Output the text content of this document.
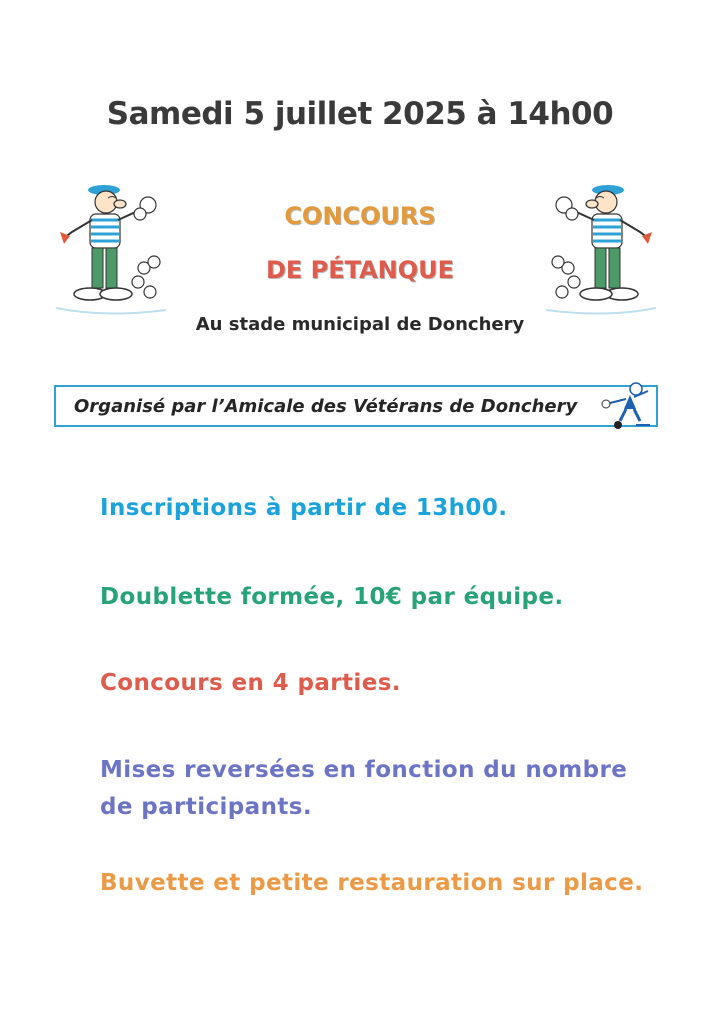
Samedi 5 juillet 2025 à 14h00
CONCOURS
DE PÉTANQUE
Au stade municipal de Donchery
Organisé par l’Amicale des Vétérans de Donchery
Inscriptions à partir de 13h00.
Doublette formée, 10€ par équipe.
Concours en 4 parties.
Mises reversées en fonction du nombre
de participants.
Buvette et petite restauration sur place.
